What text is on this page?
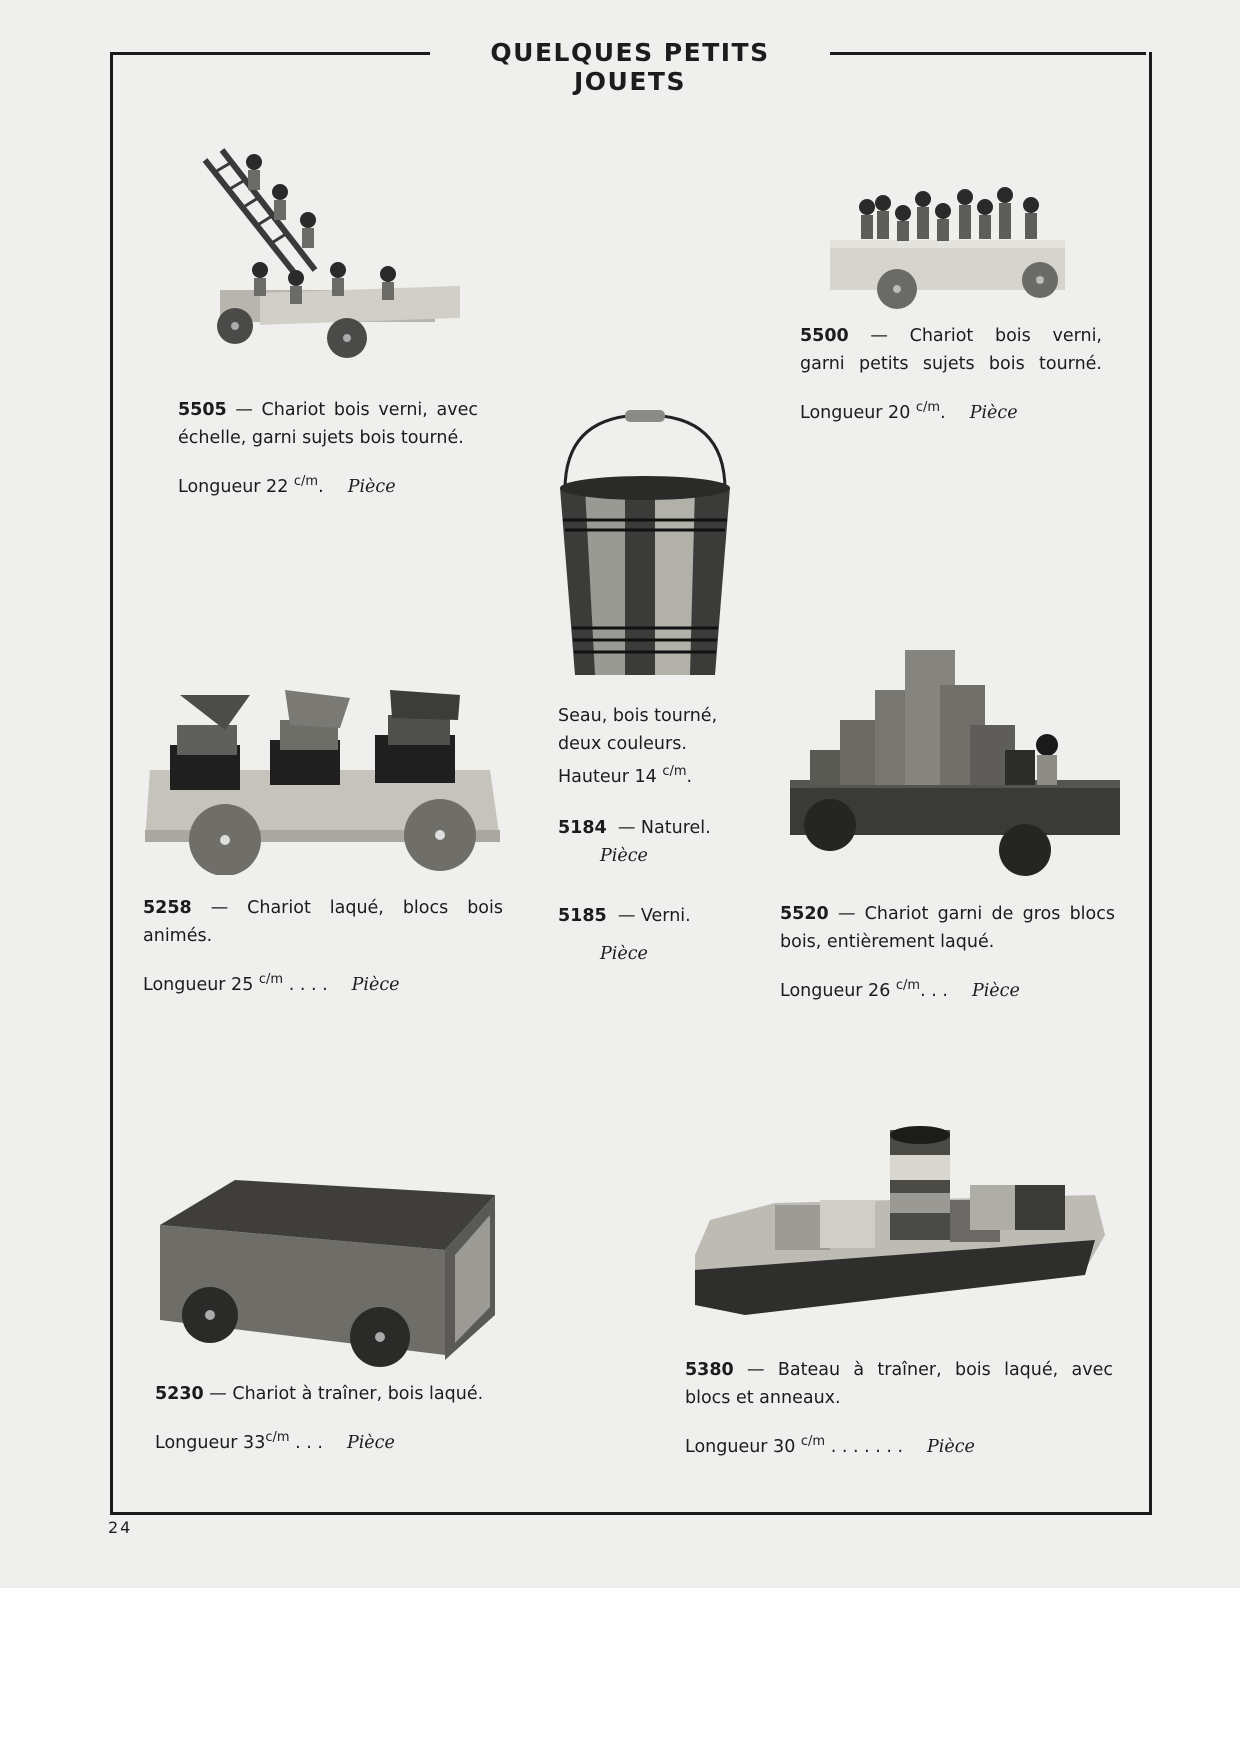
QUELQUES PETITS JOUETS
5505 — Chariot bois verni, avec
échelle, garni sujets bois tourné.
Longueur 22 $^{c/m}$. Pièce
5500 — Chariot bois verni,
garni petits sujets bois tourné.
Longueur 20 $^{c/m}$. Pièce
Seau, bois tourné,
deux couleurs.
Hauteur 14 $^{c/m}$.
5184 — Naturel.
Pièce
5185 — Verni.
Pièce
5258 — Chariot laqué, blocs bois
animés.
Longueur 25 $^{c/m}$ . . . . Pièce
5520 — Chariot garni de gros blocs
bois, entièrement laqué.
Longueur 26 $^{c/m}$. . . Pièce
5230 — Chariot à traîner, bois laqué.
Longueur $33^{c/m}$ . . . Pièce
5380 — Bateau à traîner, bois laqué, avec
blocs et anneaux.
Longueur 30 $^{c/m}$ . . . . . . . Pièce
24
